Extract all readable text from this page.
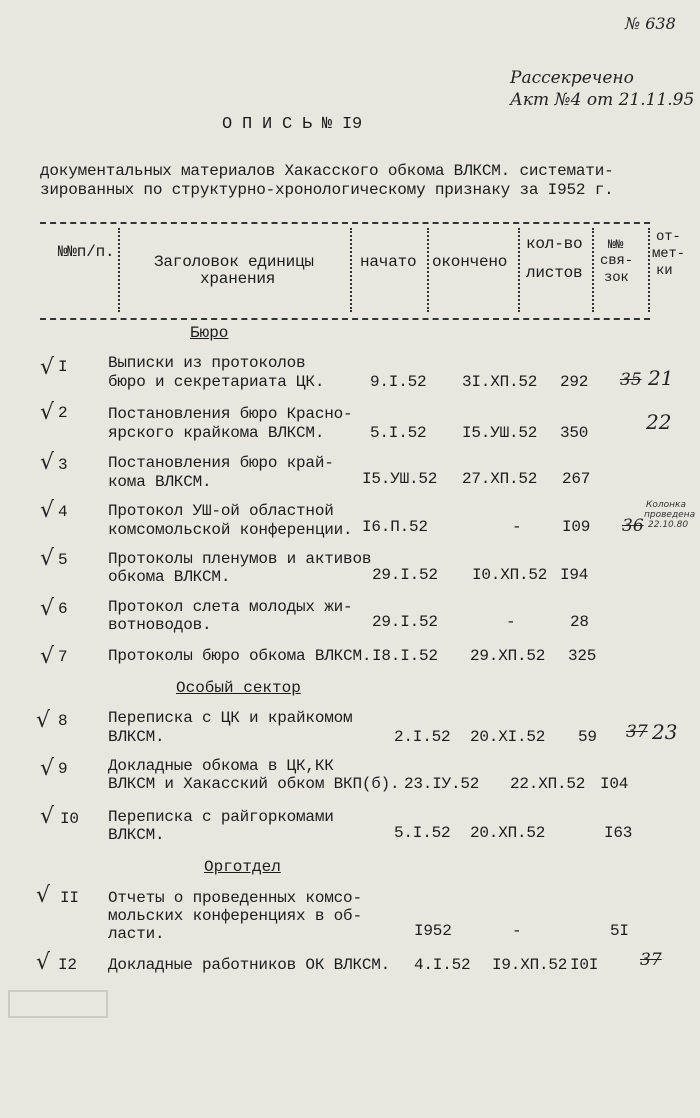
№ 638
Рассекречено
Акт №4 от 21.11.95
О П И С Ь № I9
документальных материалов Хакасского обкома ВЛКСМ. системати-
зированных по структурно-хронологическому признаку за I952 г.
№№п/п.
Заголовок единицы
хранения
начато окончено
кол-во
листов
№№
свя-
зок
от-
мет-
ки
Бюро
√ I	Выписки из протоколов
бюро и секретариата ЦК.	9.I.52 3I.XП.52 292 35 21
√ 2	Постановления бюро Красно-
ярского крайкома ВЛКСМ.	5.I.52 I5.УШ.52 350	22
√ 3	Постановления бюро край-
кома ВЛКСМ.	I5.УШ.52 27.XП.52 267
√ 4	Протокол УШ-ой областной
комсомольской конференции. I6.П.52	-	I09 36
Колонка
проведена
22.10.80
√ 5	Протоколы пленумов и активов
обкома ВЛКСМ.	29.I.52 I0.XП.52 I94
√ 6	Протокол слета молодых жи-
вотноводов.	29.I.52	-	28
√ 7	Протоколы бюро обкома ВЛКСМ. I8.I.52 29.XП.52 325
Особый сектор
√ 8	Переписка с ЦК и крайкомом
ВЛКСМ.	2.I.52 20.XI.52 59 37 23
√ 9	Докладные обкома в ЦК,КК
ВЛКСМ и Хакасский обком ВКП(б). 23.IУ.52 22.XП.52 I04
√ I0 Переписка с райгоркомами
ВЛКСМ.	5.I.52 20.XП.52	I63
Орготдел
√ II Отчеты о проведенных комсо-
мольских конференциях в об-
ласти.	I952	-	5I
√ I2 Докладные работников ОК ВЛКСМ. 4.I.52 I9.XП.52 I0I 37
